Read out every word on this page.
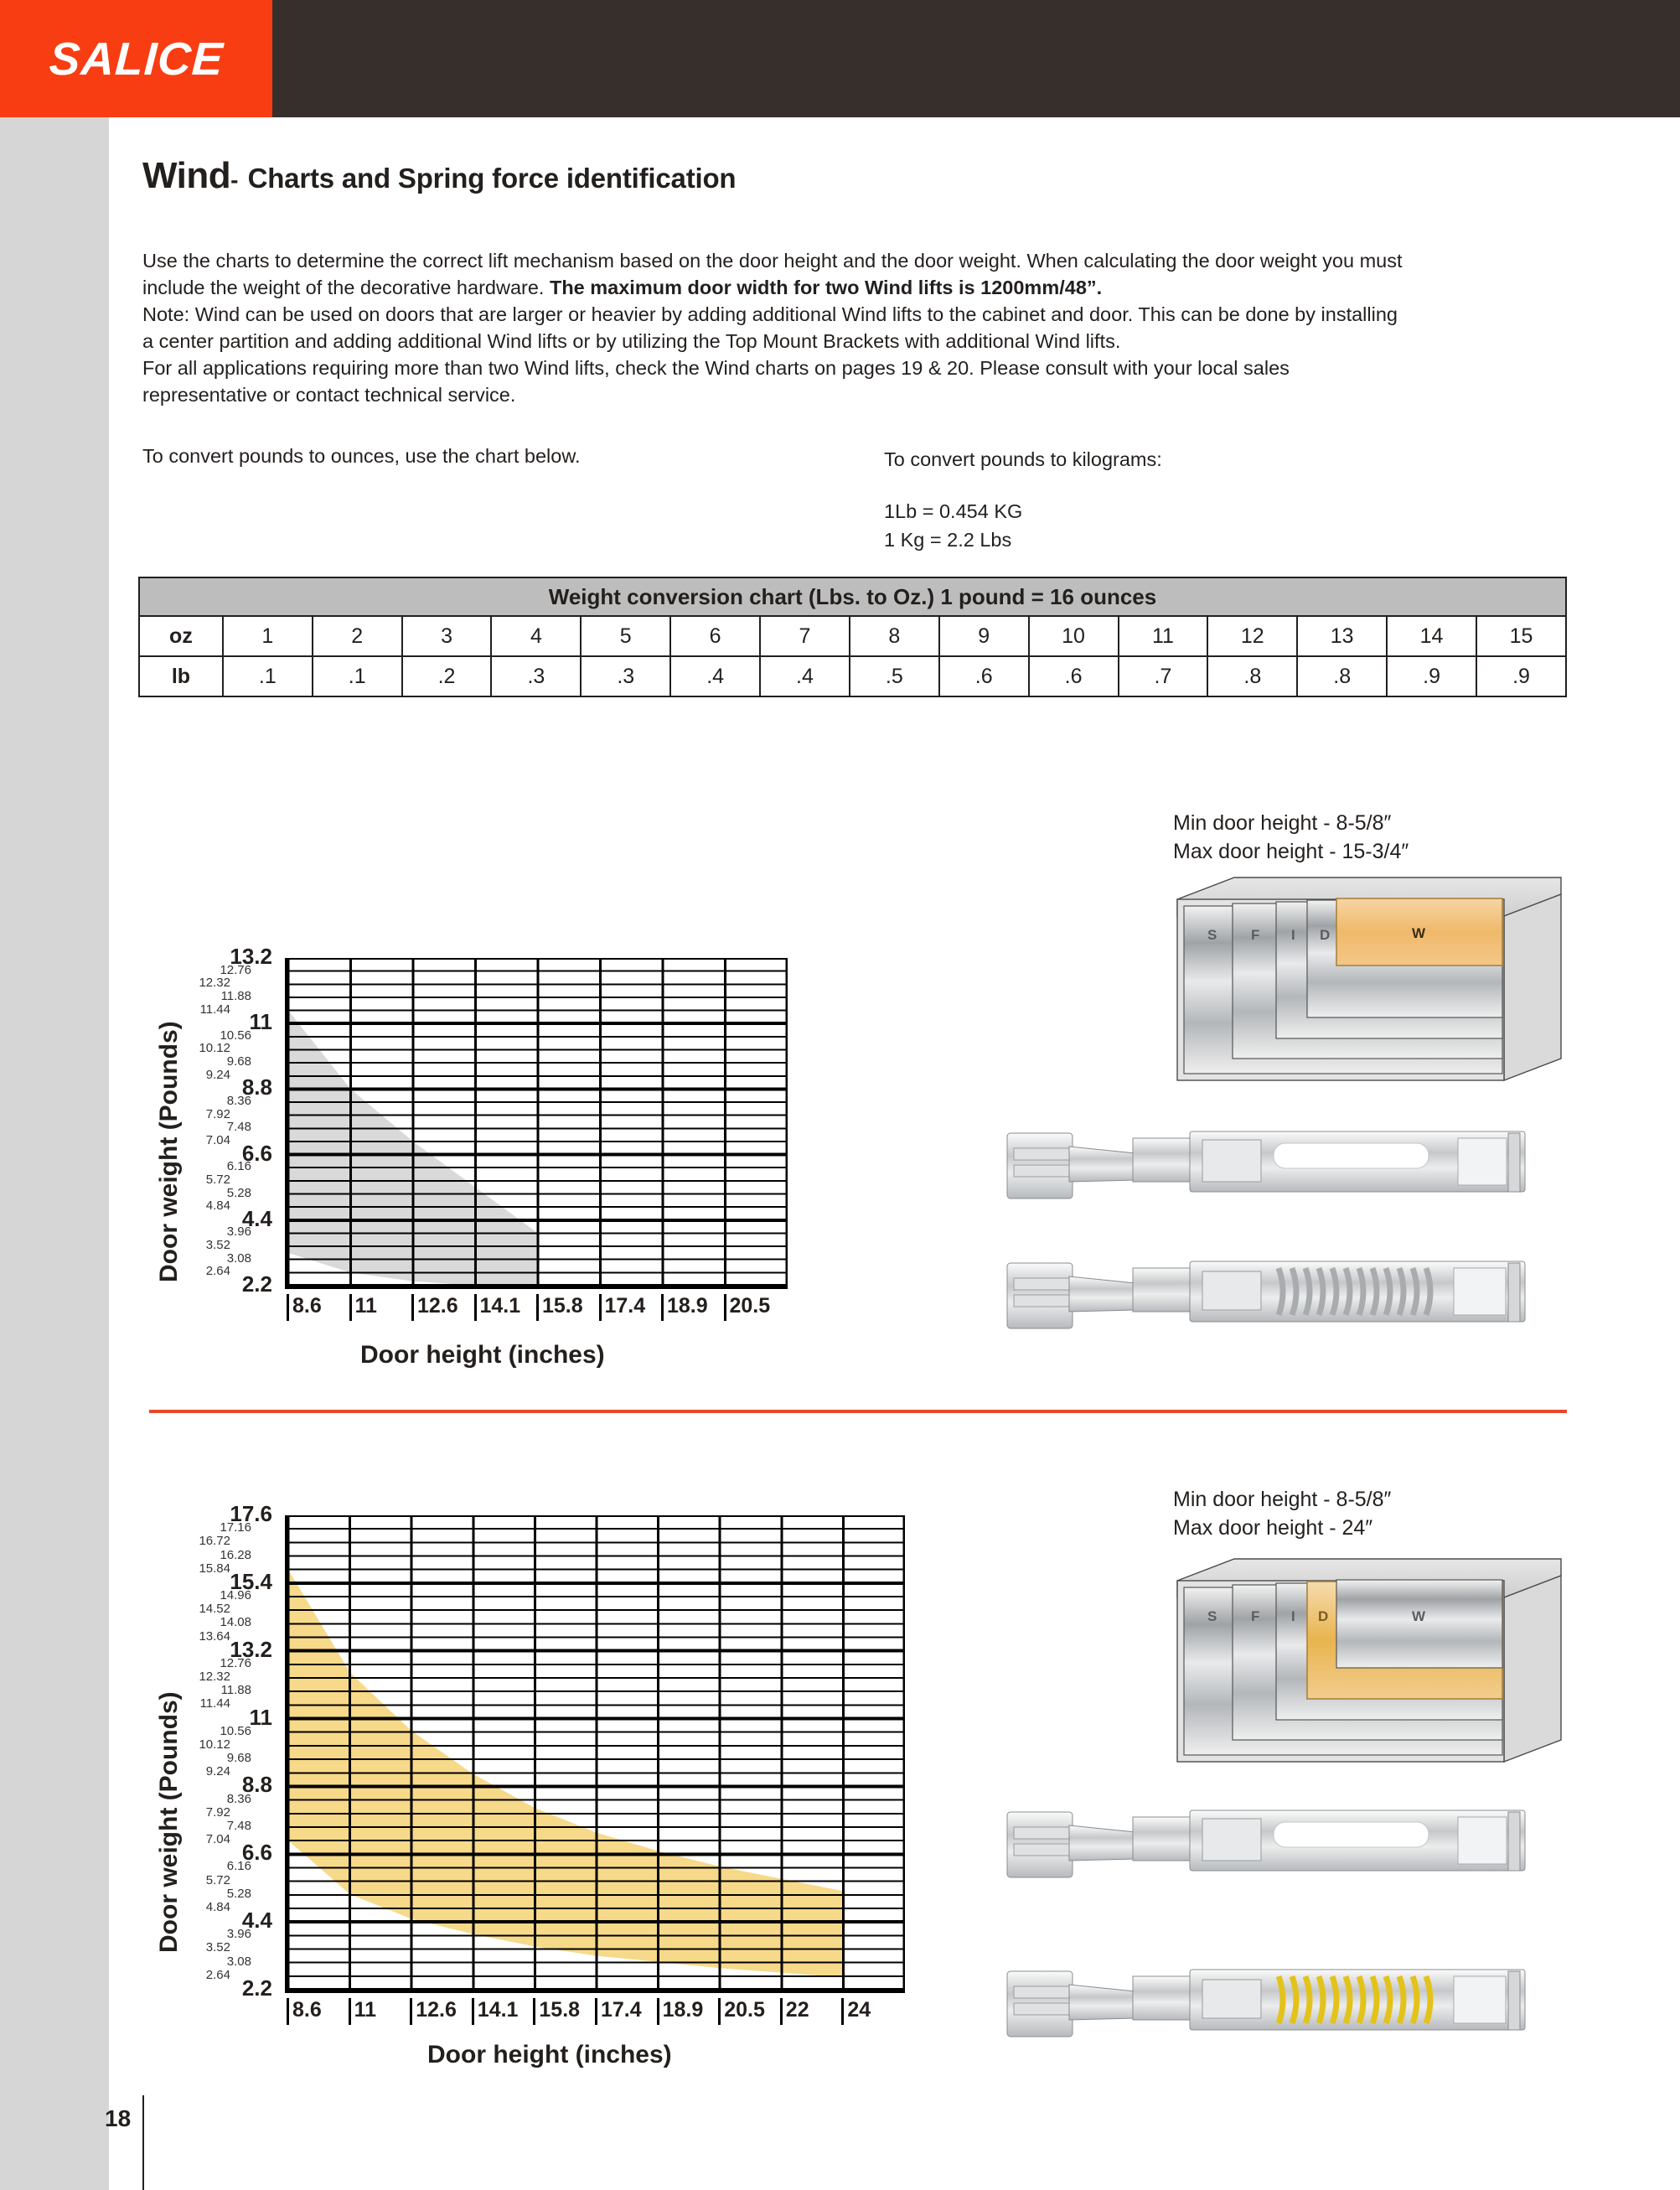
SALICE
Wind- Charts and Spring force identification
Use the charts to determine the correct lift mechanism based on the door height and the door weight. When calculating the door weight you must
include the weight of the decorative hardware. The maximum door width for two Wind lifts is 1200mm/48”.
Note: Wind can be used on doors that are larger or heavier by adding additional Wind lifts to the cabinet and door. This can be done by installing
a center partition and adding additional Wind lifts or by utilizing the Top Mount Brackets with additional Wind lifts.
For all applications requiring more than two Wind lifts, check the Wind charts on pages 19 & 20. Please consult with your local sales
representative or contact technical service.
To convert pounds to ounces, use the chart below.	To convert pounds to kilograms:
1Lb = 0.454 KG
1 Kg = 2.2 Lbs
Weight conversion chart (Lbs. to Oz.) 1 pound = 16 ounces															
oz	1	2	3	4	5	6	7	8	9	10	11	12	13	14	15
lb	.1	.1	.2	.3	.3	.4	.4	.5	.6	.6	.7	.8	.8	.9	.9
Door weight (Pounds)
Door height (inches)
13.2
12.76
12.32
11.88
11.44
11
10.56
10.12
9.68
9.24
8.8
8.36
7.92
7.48
7.04
6.6
6.16
5.72
5.28
4.84
4.4
3.96
3.52
3.08
2.64
2.2
8.6 11 12.6 14.1 15.8 17.4 18.9 20.5
Min door height - 8-5/8″
Max door height - 15-3/4″
S F I D	W
Door weight (Pounds)
Door height (inches)
17.6
17.16
16.72
16.28
15.84
15.4
14.96
14.52
14.08
13.64
13.2
12.76
12.32
11.88
11.44
11
10.56
10.12
9.68
9.24
8.8
8.36
7.92
7.48
7.04
6.6
6.16
5.72
5.28
4.84
4.4
3.96
3.52
3.08
2.64
2.2
8.6 11 12.6 14.1 15.8 17.4 18.9 20.5 22 24
Min door height - 8-5/8″
Max door height - 24″
S F I D	W
18
